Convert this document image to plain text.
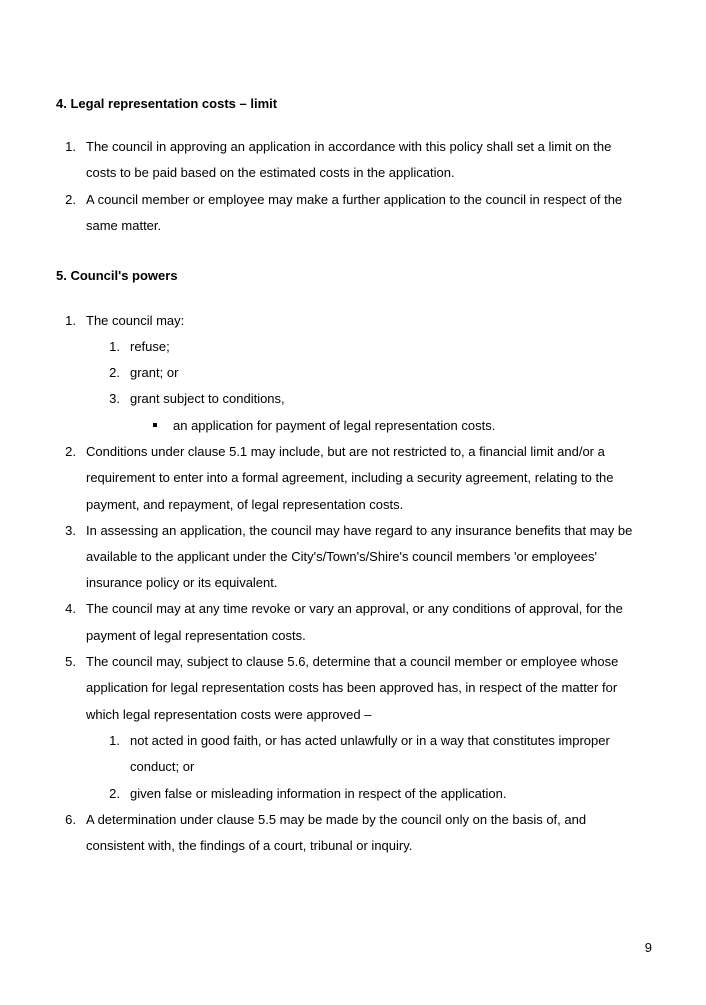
4. Legal representation costs – limit
1. The council in approving an application in accordance with this policy shall set a limit on the
costs to be paid based on the estimated costs in the application.
2. A council member or employee may make a further application to the council in respect of the
same matter.
5. Council's powers
1. The council may:
1. refuse;
2. grant; or
3. grant subject to conditions,
an application for payment of legal representation costs.
2. Conditions under clause 5.1 may include, but are not restricted to, a financial limit and/or a
requirement to enter into a formal agreement, including a security agreement, relating to the
payment, and repayment, of legal representation costs.
3. In assessing an application, the council may have regard to any insurance benefits that may be
available to the applicant under the City's/Town's/Shire's council members 'or employees'
insurance policy or its equivalent.
4. The council may at any time revoke or vary an approval, or any conditions of approval, for the
payment of legal representation costs.
5. The council may, subject to clause 5.6, determine that a council member or employee whose
application for legal representation costs has been approved has, in respect of the matter for
which legal representation costs were approved –
1. not acted in good faith, or has acted unlawfully or in a way that constitutes improper
conduct; or
2. given false or misleading information in respect of the application.
6. A determination under clause 5.5 may be made by the council only on the basis of, and
consistent with, the findings of a court, tribunal or inquiry.
9
